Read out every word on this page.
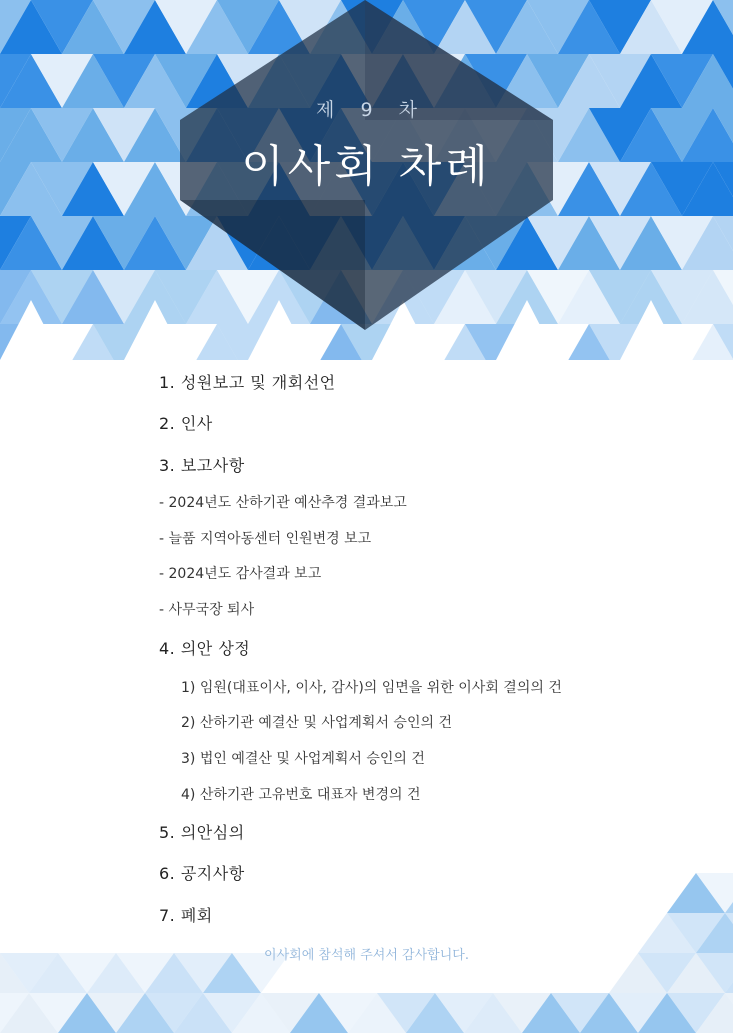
제 9 차
이사회 차례
1. 성원보고 및 개회선언
2. 인사
3. 보고사항
- 2024년도 산하기관 예산추경 결과보고
- 늘품 지역아동센터 인원변경 보고
- 2024년도 감사결과 보고
- 사무국장 퇴사
4. 의안 상정
1) 임원(대표이사, 이사, 감사)의 임면을 위한 이사회 결의의 건
2) 산하기관 예결산 및 사업계획서 승인의 건
3) 법인 예결산 및 사업계획서 승인의 건
4) 산하기관 고유번호 대표자 변경의 건
5. 의안심의
6. 공지사항
7. 폐회
이사회에 참석해 주셔서 감사합니다.
